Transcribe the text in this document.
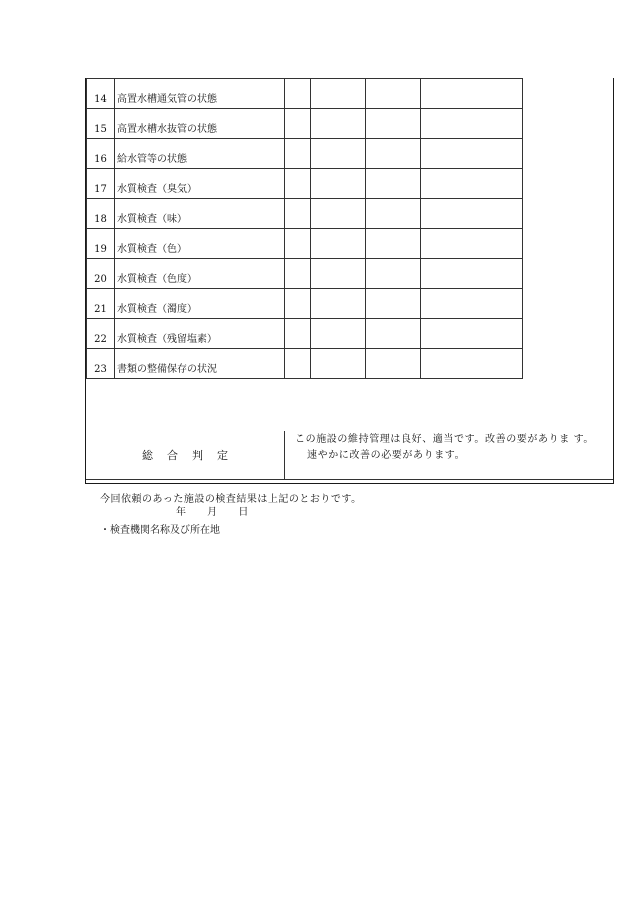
14	高置水槽通気管の状態				
15	高置水槽水抜管の状態				
16	給水管等の状態				
17	水質検査（臭気）				
18	水質検査（味）				
19	水質検査（色）				
20	水質検査（色度）				
21	水質検査（濁度）				
22	水質検査（残留塩素）				
23	書類の整備保存の状況				
総合判定
この施設の維持管理は良好、適当です。改善の要がありま す。
速やかに改善の必要があります。
今回依頼のあった施設の検査結果は上記のとおりです。
年 月 日
・検査機関名称及び所在地
